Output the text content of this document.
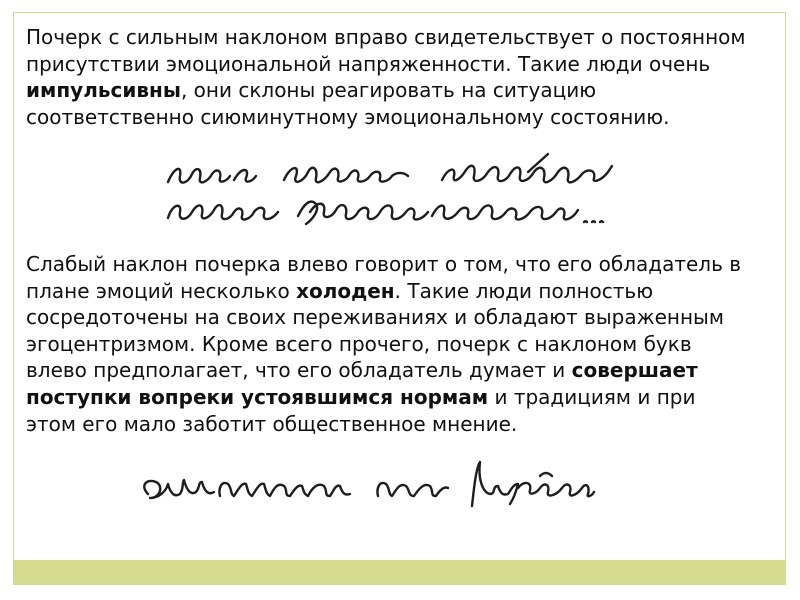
Почерк с сильным наклоном вправо свидетельствует о постоянном присутствии эмоциональной напряженности. Такие люди очень импульсивны, они склоны реагировать на ситуацию соответственно сиюминутному эмоциональному состоянию.

Слабый наклон почерка влево говорит о том, что его обладатель в плане эмоций несколько холоден. Такие люди полностью сосредоточены на своих переживаниях и обладают выраженным эгоцентризмом. Кроме всего прочего, почерк с наклоном букв влево предполагает, что его обладатель думает и совершает поступки вопреки устоявшимся нормам и традициям и при этом его мало заботит общественное мнение.
